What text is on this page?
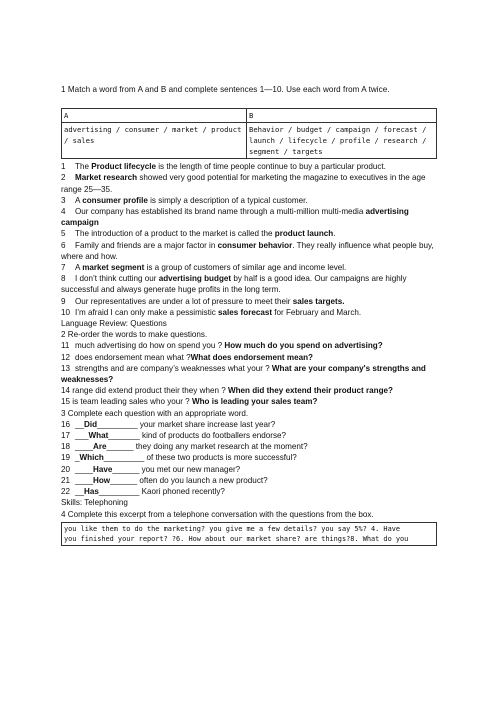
1 Match a word from A and B and complete sentences 1—10. Use each word from A twice.
A	B
advertising / consumer / market / product / sales	Behavior / budget / campaign / forecast / launch / lifecycle / profile / research / segment / targets

1 The Product lifecycle is the length of time people continue to buy a particular product.

2 Market research showed very good potential for marketing the magazine to executives in the age range 25—35.

3 A consumer profile is simply a description of a typical customer.

4 Our company has established its brand name through a multi-million multi-media advertising campaign

5 The introduction of a product to the market is called the product launch.

6 Family and friends are a major factor in consumer behavior. They really influence what people buy, where and how.

7 A market segment is a group of customers of similar age and income level.

8 I don’t think cutting our advertising budget by half is a good idea. Our campaigns are highly successful and always generate huge profits in the long term.

9 Our representatives are under a lot of pressure to meet their sales targets.

10 I’m afraid I can only make a pessimistic sales forecast for February and March.

Language Review: Questions

2 Re-order the words to make questions.

11 much advertising do how on spend you ? How much do you spend on advertising?

12 does endorsement mean what ?What does endorsement mean?

13 strengths and are company’s weaknesses what your ? What are your company's strengths and weaknesses?

14 range did extend product their they when ? When did they extend their product range?

15 is team leading sales who your ? Who is leading your sales team?

3 Complete each question with an appropriate word.

16 __Did_________ your market share increase last year?

17 ___What_______ kind of products do footballers endorse?

18 ____Are______ they doing any market research at the moment?

19 _Which_________ of these two products is more successful?

20 ____Have______ you met our new manager?

21 ____How______ often do you launch a new product?

22 __Has_________ Kaori phoned recently?

Skills: Telephoning

4 Complete this excerpt from a telephone conversation with the questions from the box.

you like them to do the marketing? you give me a few details? you say 5%? 4. Have
you finished your report? ?6. How about our market share? are things?8. What do you
